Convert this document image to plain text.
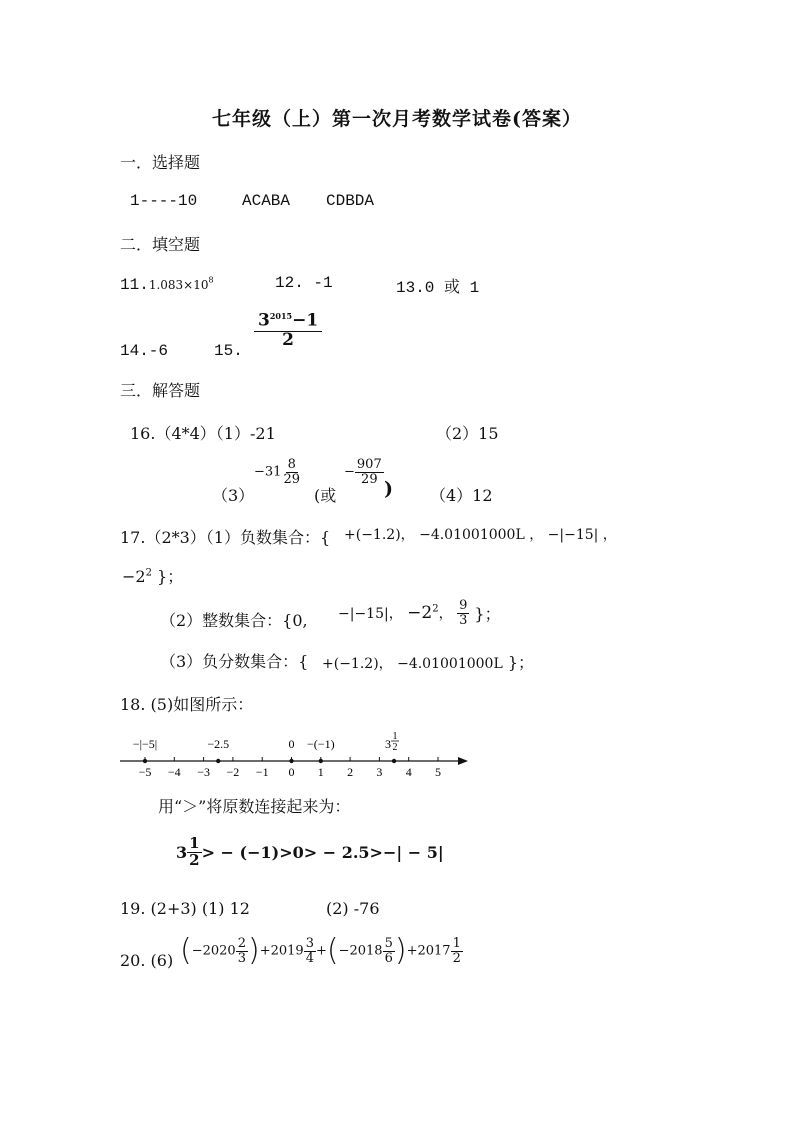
七年级（上）第一次月考数学试卷(答案）
一．选择题
1----10	ACABA CDBDA
二．填空题
$11.1.083\times 10^8$	12. -1	13.0 或 1
14.-6	15.
$\frac{3^{2015}-1}{2}$
三．解答题
16.（4*4）（1）-21	（2）15
（3）
$-31 \frac{8}{29}$
(或
− $\frac{907}{29}$
) （4）12
17.（2*3）（1）负数集合：{ +(−1.2)， −4.01001000L ， −|−15| ，
$-2^2$ }；
（2）整数集合：{0, −|−15|， $-2^2$， $\frac{9}{3}$ }；
（3）负分数集合：{ +(−1.2)， −4.01001000L }；
18. (5)如图所示：
−5 −4 −3 −2 −1 0 1 2 3 4 5
−|−5|	−2.5	0 −(−1)	3
1
2
用“＞”将原数连接起来为：
$3 \frac{1}{2}$ > − (−1)>0> − 2.5>−| − 5|
19. (2+3) (1) 12	(2) -76
20. (6) $(-2020 \frac{2}{3} )+2019 \frac{3}{4} +(-2018 \frac{5}{6} )+2017 \frac{1}{2}$
